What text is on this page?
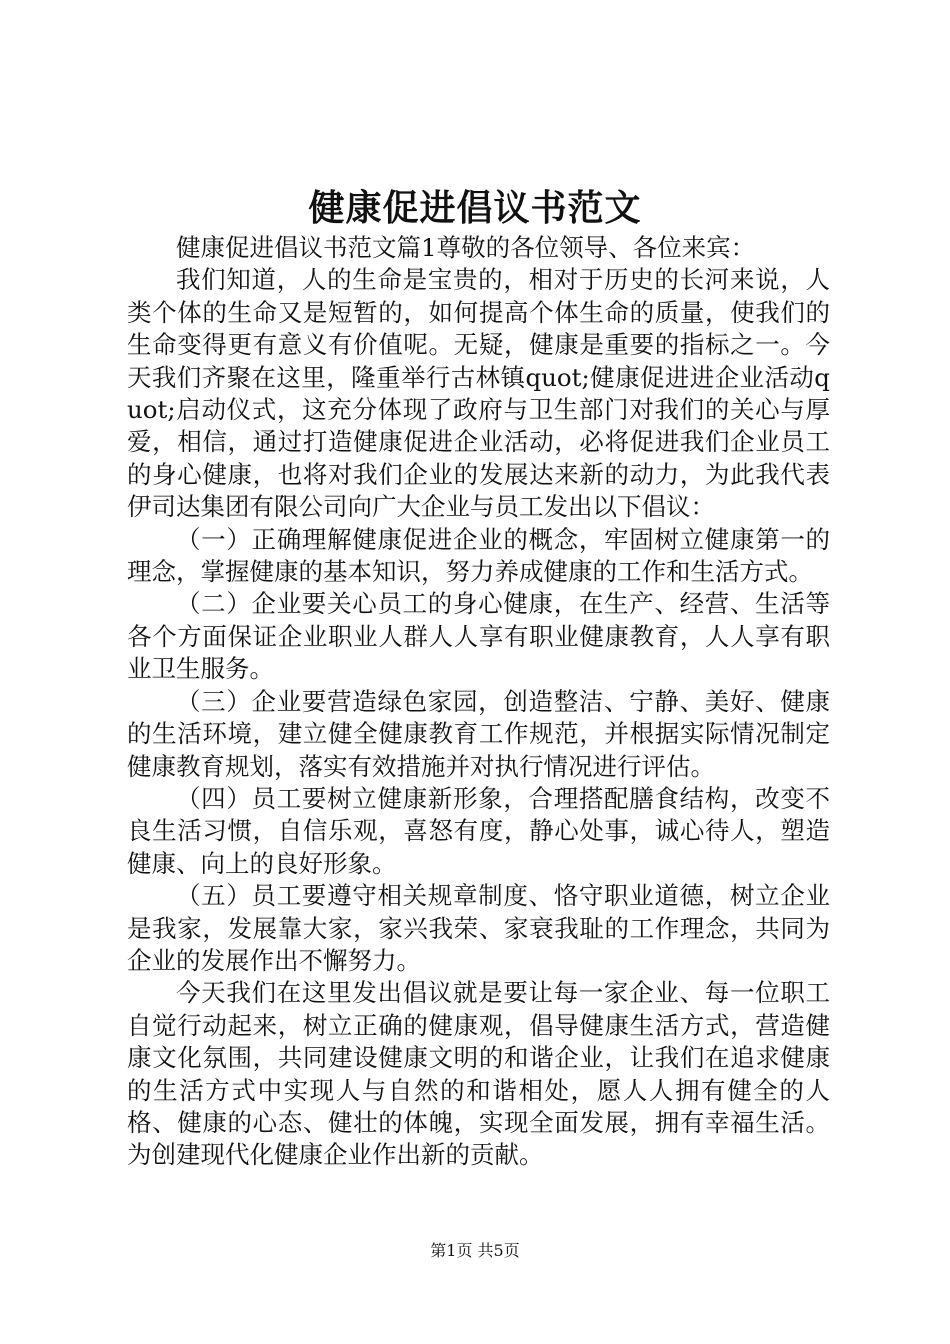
健康促进倡议书范文

健康促进倡议书范文篇1尊敬的各位领导、各位来宾：

我们知道，人的生命是宝贵的，相对于历史的长河来说，人类个体的生命又是短暂的，如何提高个体生命的质量，使我们的生命变得更有意义有价值呢。无疑，健康是重要的指标之一。今天我们齐聚在这里，隆重举行古林镇quot;健康促进进企业活动quot;启动仪式，这充分体现了政府与卫生部门对我们的关心与厚爱，相信，通过打造健康促进企业活动，必将促进我们企业员工的身心健康，也将对我们企业的发展达来新的动力，为此我代表伊司达集团有限公司向广大企业与员工发出以下倡议：

（一）正确理解健康促进企业的概念，牢固树立健康第一的理念，掌握健康的基本知识，努力养成健康的工作和生活方式。

（二）企业要关心员工的身心健康，在生产、经营、生活等各个方面保证企业职业人群人人享有职业健康教育，人人享有职业卫生服务。

（三）企业要营造绿色家园，创造整洁、宁静、美好、健康的生活环境，建立健全健康教育工作规范，并根据实际情况制定健康教育规划，落实有效措施并对执行情况进行评估。

（四）员工要树立健康新形象，合理搭配膳食结构，改变不良生活习惯，自信乐观，喜怒有度，静心处事，诚心待人，塑造健康、向上的良好形象。

（五）员工要遵守相关规章制度、恪守职业道德，树立企业是我家，发展靠大家，家兴我荣、家衰我耻的工作理念，共同为企业的发展作出不懈努力。

今天我们在这里发出倡议就是要让每一家企业、每一位职工自觉行动起来，树立正确的健康观，倡导健康生活方式，营造健康文化氛围，共同建设健康文明的和谐企业，让我们在追求健康的生活方式中实现人与自然的和谐相处，愿人人拥有健全的人格、健康的心态、健壮的体魄，实现全面发展，拥有幸福生活。为创建现代化健康企业作出新的贡献。

第1页 共5页
